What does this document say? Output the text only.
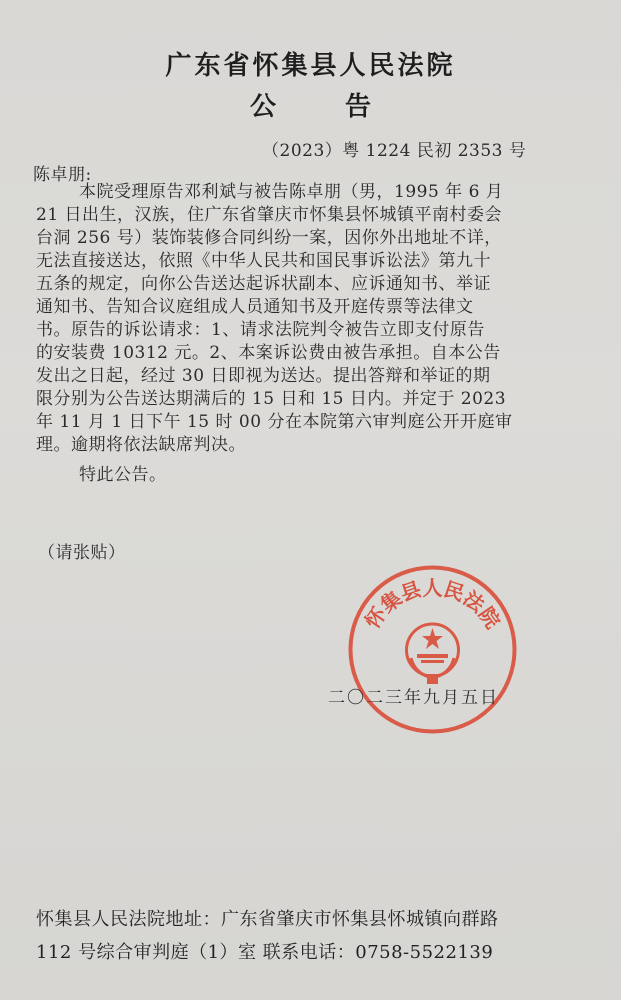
广东省怀集县人民法院
公 告
（2023）粤 1224 民初 2353 号
陈卓朋:
本院受理原告邓利斌与被告陈卓朋（男，1995 年 6 月
21 日出生，汉族，住广东省肇庆市怀集县怀城镇平南村委会
台洞 256 号）装饰装修合同纠纷一案，因你外出地址不详，
无法直接送达，依照《中华人民共和国民事诉讼法》第九十
五条的规定，向你公告送达起诉状副本、应诉通知书、举证
通知书、告知合议庭组成人员通知书及开庭传票等法律文
书。原告的诉讼请求：1、请求法院判令被告立即支付原告
的安装费 10312 元。2、本案诉讼费由被告承担。自本公告
发出之日起，经过 30 日即视为送达。提出答辩和举证的期
限分别为公告送达期满后的 15 日和 15 日内。并定于 2023
年 11 月 1 日下午 15 时 00 分在本院第六审判庭公开开庭审
理。逾期将依法缺席判决。
特此公告。
（请张贴）
怀集县人民法院
二〇二三年九月五日
怀集县人民法院地址：广东省肇庆市怀集县怀城镇向群路
112 号综合审判庭（1）室 联系电话：0758-5522139
